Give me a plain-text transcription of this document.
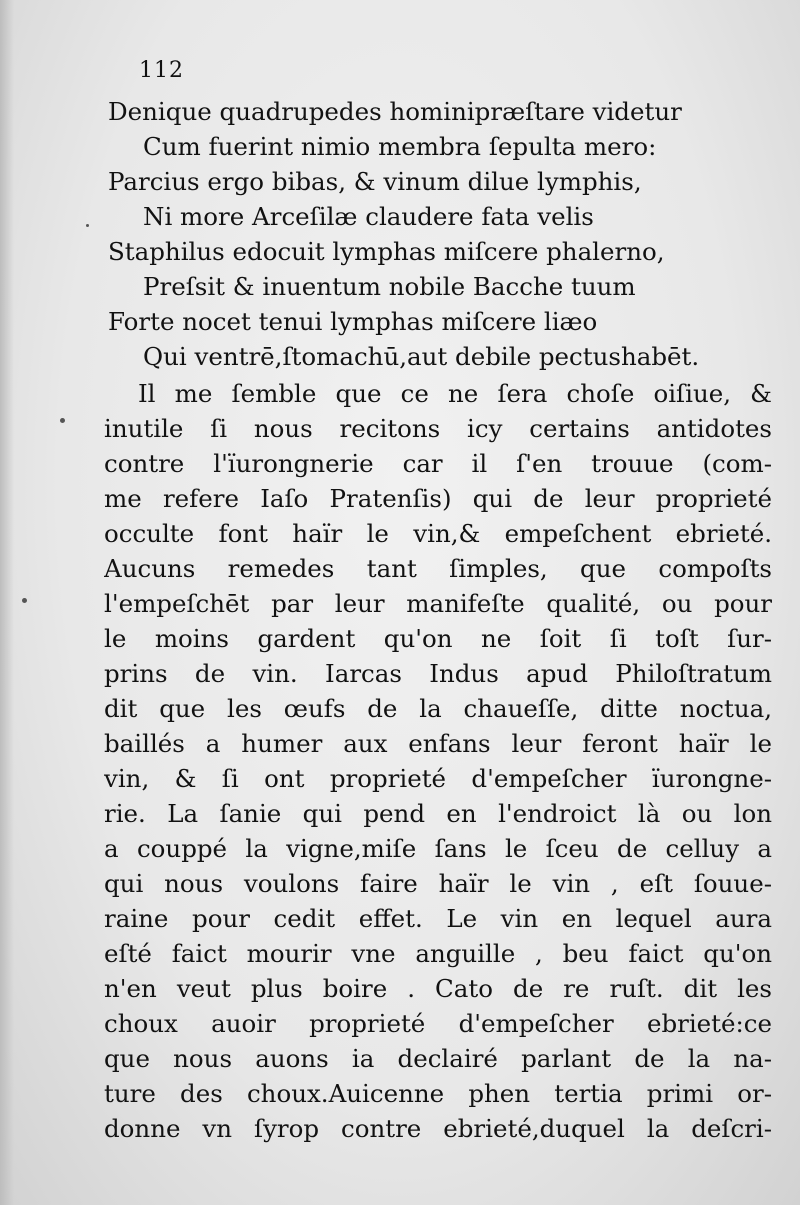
112
Denique quadrupedes hominipræſtare videtur
Cum fuerint nimio membra ſepulta mero:
Parcius ergo bibas, & vinum dilue lymphis,
Ni more Arceſilæ claudere fata velis
Staphilus edocuit lymphas miſcere phalerno,
Preſsit & inuentum nobile Bacche tuum
Forte nocet tenui lymphas miſcere liæo
Qui ventrē,ſtomachū,aut debile pectushabēt.
Il me ſemble que ce ne ſera choſe oiſiue, &
inutile ſi nous recitons icy certains antidotes
contre l'ïurongnerie car il ſ'en trouue (com-
me refere Iaſo Pratenſis) qui de leur proprieté
occulte font haïr le vin,& empeſchent ebrieté.
Aucuns remedes tant ſimples, que compoſts
l'empeſchēt par leur manifeſte qualité, ou pour
le moins gardent qu'on ne ſoit ſi toſt ſur-
prins de vin. Iarcas Indus apud Philoſtratum
dit que les œufs de la chaueſſe, ditte noctua,
baillés a humer aux enfans leur feront haïr le
vin, & ſi ont proprieté d'empeſcher ïurongne-
rie. La ſanie qui pend en l'endroict là ou lon
a couppé la vigne,miſe ſans le ſceu de celluy a
qui nous voulons faire haïr le vin , eſt ſouue-
raine pour cedit effet. Le vin en lequel aura
eſté faict mourir vne anguille , beu faict qu'on
n'en veut plus boire . Cato de re ruſt. dit les
choux auoir proprieté d'empeſcher ebrieté:ce
que nous auons ia declairé parlant de la na-
ture des choux.Auicenne phen tertia primi or-
donne vn ſyrop contre ebrieté,duquel la deſcri-
